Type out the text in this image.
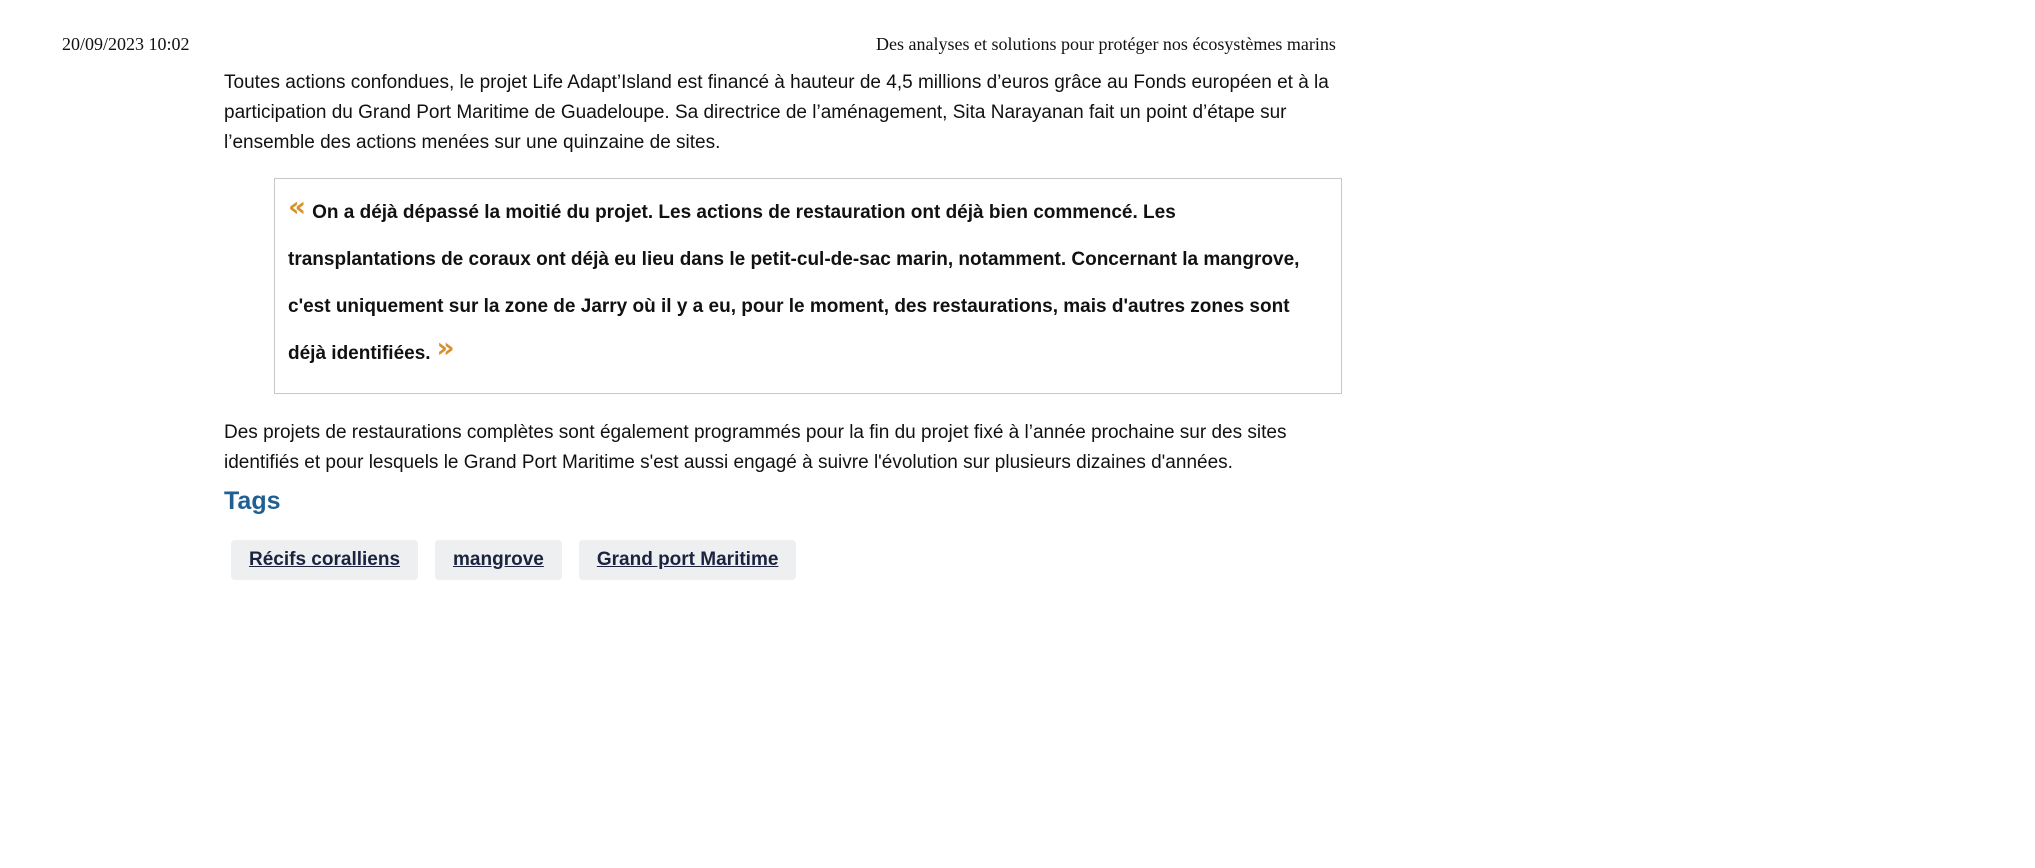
20/09/2023 10:02	Des analyses et solutions pour protéger nos écosystèmes marins

Toutes actions confondues, le projet Life Adapt’Island est financé à hauteur de 4,5 millions d’euros grâce au Fonds européen et à la participation du Grand Port Maritime de Guadeloupe. Sa directrice de l’aménagement, Sita Narayanan fait un point d’étape sur l’ensemble des actions menées sur une quinzaine de sites.

« On a déjà dépassé la moitié du projet. Les actions de restauration ont déjà bien commencé. Les transplantations de coraux ont déjà eu lieu dans le petit-cul-de-sac marin, notamment. Concernant la mangrove, c'est uniquement sur la zone de Jarry où il y a eu, pour le moment, des restaurations, mais d'autres zones sont déjà identifiées. »

Des projets de restaurations complètes sont également programmés pour la fin du projet fixé à l’année prochaine sur des sites identifiés et pour lesquels le Grand Port Maritime s'est aussi engagé à suivre l'évolution sur plusieurs dizaines d'années.

Tags
Récifs coralliens	mangrove	Grand port Maritime
